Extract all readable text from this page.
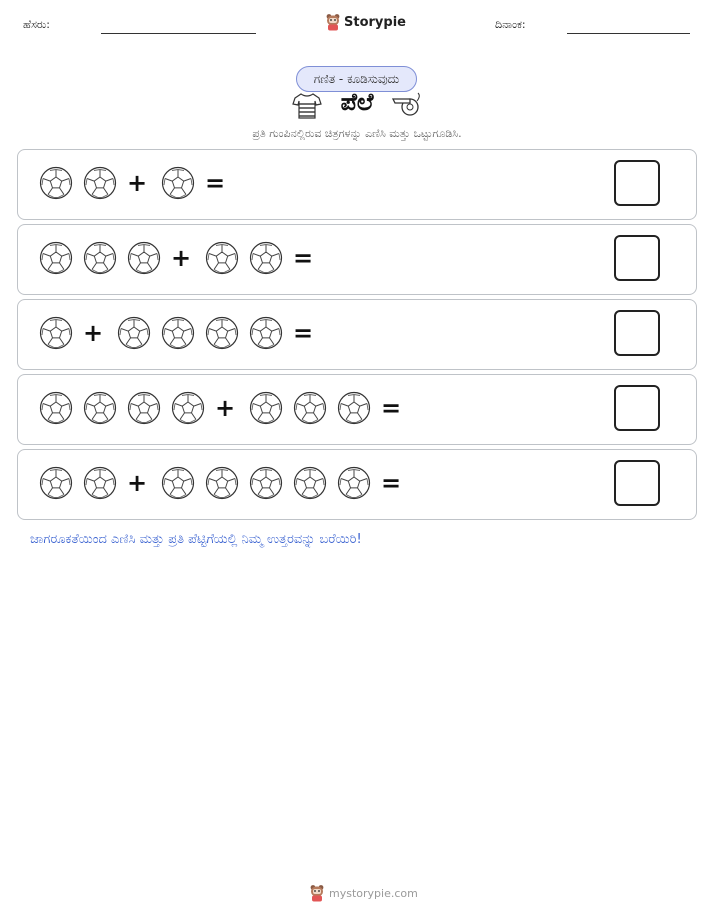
ಹೆಸರು:	Storypie	ದಿನಾಂಕ:
ಗಣಿತ - ಕೂಡಿಸುವುದು
ಪೆಲೆ
ಪ್ರತಿ ಗುಂಪಿನಲ್ಲಿರುವ ಚಿತ್ರಗಳನ್ನು ಎಣಿಸಿ ಮತ್ತು ಒಟ್ಟುಗೂಡಿಸಿ.
+ =
+	=
+	=
+	=
+	=
ಜಾಗರೂಕತೆಯಿಂದ ಎಣಿಸಿ ಮತ್ತು ಪ್ರತಿ ಪೆಟ್ಟಿಗೆಯಲ್ಲಿ ನಿಮ್ಮ ಉತ್ತರವನ್ನು ಬರೆಯಿರಿ!
mystorypie.com
